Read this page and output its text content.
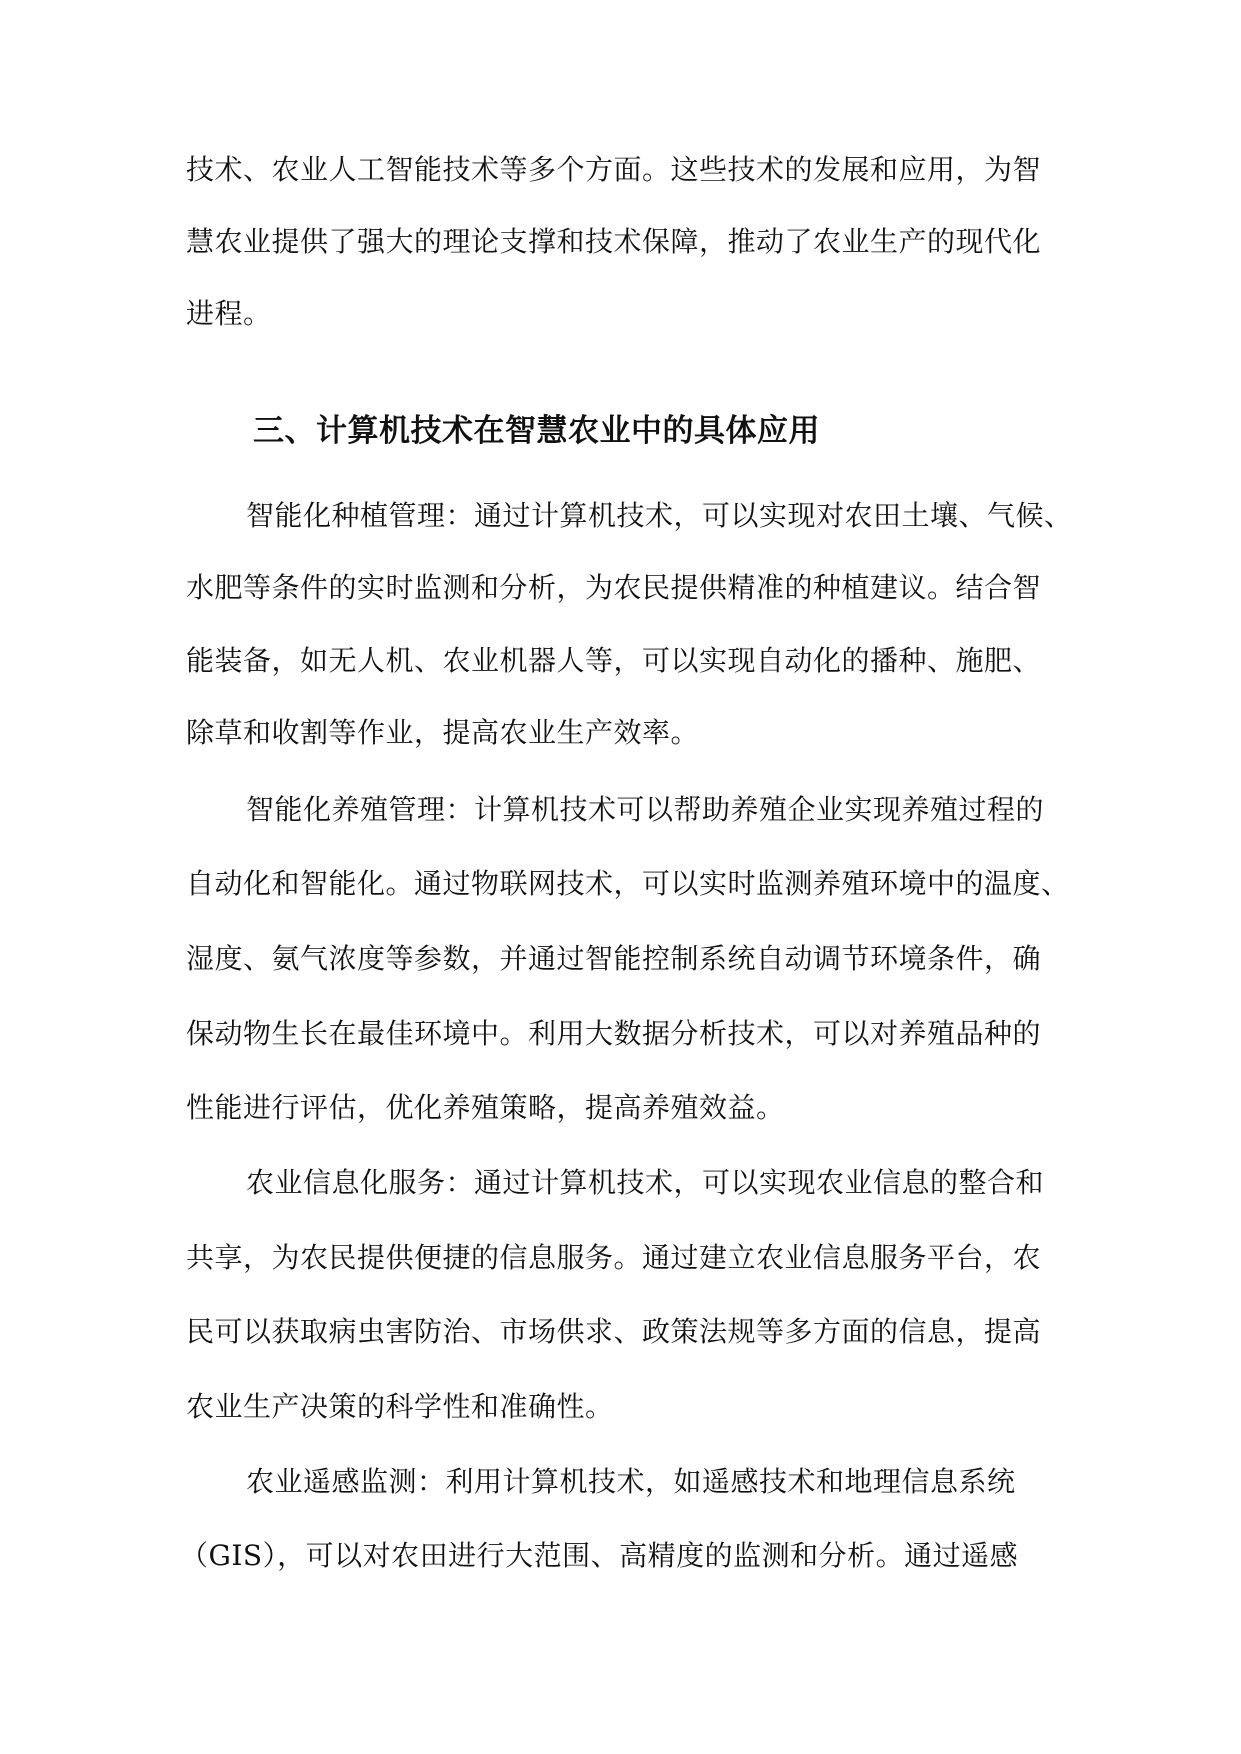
技术、农业人工智能技术等多个方面。这些技术的发展和应用，为智
慧农业提供了强大的理论支撑和技术保障，推动了农业生产的现代化
进程。
三、计算机技术在智慧农业中的具体应用
智能化种植管理：通过计算机技术，可以实现对农田土壤、气候、
水肥等条件的实时监测和分析，为农民提供精准的种植建议。结合智
能装备，如无人机、农业机器人等，可以实现自动化的播种、施肥、
除草和收割等作业，提高农业生产效率。
智能化养殖管理：计算机技术可以帮助养殖企业实现养殖过程的
自动化和智能化。通过物联网技术，可以实时监测养殖环境中的温度、
湿度、氨气浓度等参数，并通过智能控制系统自动调节环境条件，确
保动物生长在最佳环境中。利用大数据分析技术，可以对养殖品种的
性能进行评估，优化养殖策略，提高养殖效益。
农业信息化服务：通过计算机技术，可以实现农业信息的整合和
共享，为农民提供便捷的信息服务。通过建立农业信息服务平台，农
民可以获取病虫害防治、市场供求、政策法规等多方面的信息，提高
农业生产决策的科学性和准确性。
农业遥感监测：利用计算机技术，如遥感技术和地理信息系统
（GIS），可以对农田进行大范围、高精度的监测和分析。通过遥感
